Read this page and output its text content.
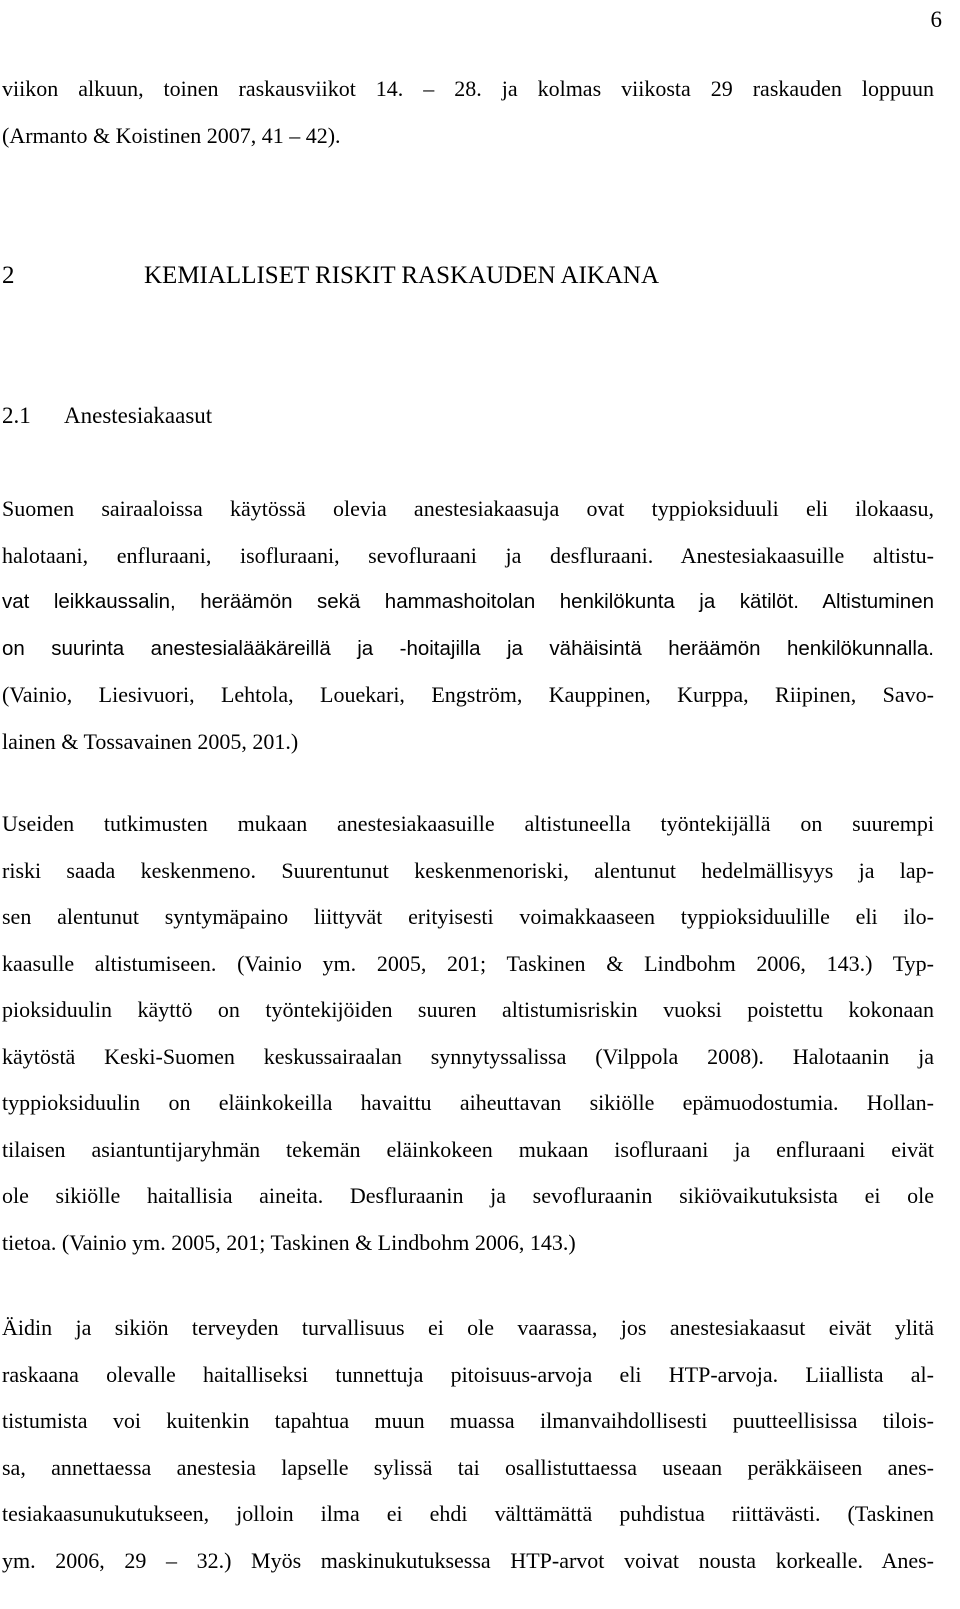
6

viikon alkuun, toinen raskausviikot 14. – 28. ja kolmas viikosta 29 raskauden loppuun
(Armanto & Koistinen 2007, 41 – 42).

2	KEMIALLISET RISKIT RASKAUDEN AIKANA
2.1 Anestesiakaasut

Suomen sairaaloissa käytössä olevia anestesiakaasuja ovat typpioksiduuli eli ilokaasu,
halotaani, enfluraani, isofluraani, sevofluraani ja desfluraani. Anestesiakaasuille altistu-
vat leikkaussalin, heräämön sekä hammashoitolan henkilökunta ja kätilöt. Altistuminen
on suurinta anestesialääkäreillä ja -hoitajilla ja vähäisintä heräämön henkilökunnalla.
(Vainio, Liesivuori, Lehtola, Louekari, Engström, Kauppinen, Kurppa, Riipinen, Savo-
lainen & Tossavainen 2005, 201.)

Useiden tutkimusten mukaan anestesiakaasuille altistuneella työntekijällä on suurempi
riski saada keskenmeno. Suurentunut keskenmenoriski, alentunut hedelmällisyys ja lap-
sen alentunut syntymäpaino liittyvät erityisesti voimakkaaseen typpioksiduulille eli ilo-
kaasulle altistumiseen. (Vainio ym. 2005, 201; Taskinen & Lindbohm 2006, 143.) Typ-
pioksiduulin käyttö on työntekijöiden suuren altistumisriskin vuoksi poistettu kokonaan
käytöstä Keski-Suomen keskussairaalan synnytyssalissa (Vilppola 2008). Halotaanin ja
typpioksiduulin on eläinkokeilla havaittu aiheuttavan sikiölle epämuodostumia. Hollan-
tilaisen asiantuntijaryhmän tekemän eläinkokeen mukaan isofluraani ja enfluraani eivät
ole sikiölle haitallisia aineita. Desfluraanin ja sevofluraanin sikiövaikutuksista ei ole
tietoa. (Vainio ym. 2005, 201; Taskinen & Lindbohm 2006, 143.)

Äidin ja sikiön terveyden turvallisuus ei ole vaarassa, jos anestesiakaasut eivät ylitä
raskaana olevalle haitalliseksi tunnettuja pitoisuus-arvoja eli HTP-arvoja. Liiallista al-
tistumista voi kuitenkin tapahtua muun muassa ilmanvaihdollisesti puutteellisissa tilois-
sa, annettaessa anestesia lapselle sylissä tai osallistuttaessa useaan peräkkäiseen anes-
tesiakaasunukutukseen, jolloin ilma ei ehdi välttämättä puhdistua riittävästi. (Taskinen
ym. 2006, 29 – 32.) Myös maskinukutuksessa HTP-arvot voivat nousta korkealle. Anes-
